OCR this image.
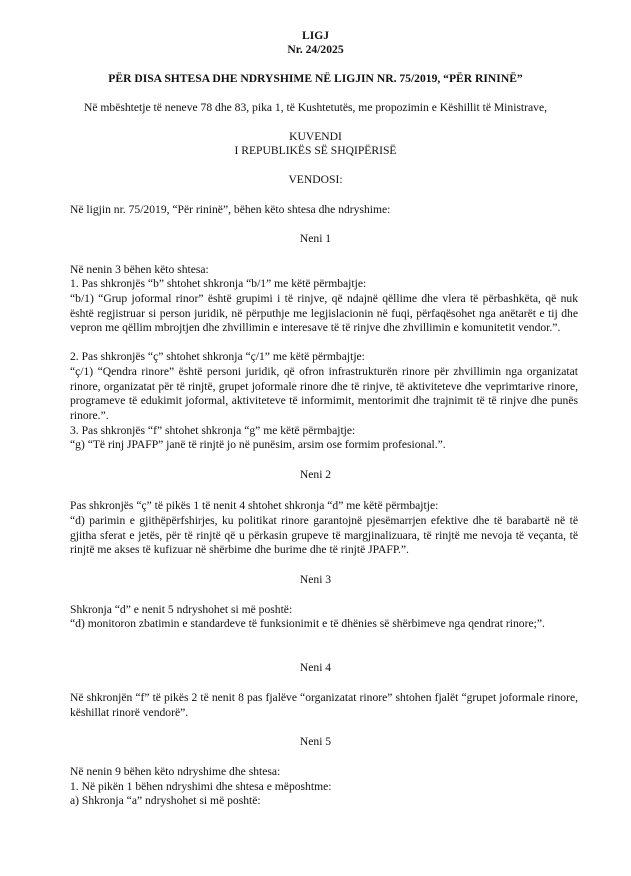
LIGJ
Nr. 24/2025
PËR DISA SHTESA DHE NDRYSHIME NË LIGJIN NR. 75/2019, “PËR RININË”
Në mbështetje të neneve 78 dhe 83, pika 1, të Kushtetutës, me propozimin e Këshillit të Ministrave,
KUVENDI
I REPUBLIKËS SË SHQIPËRISË
VENDOSI:
Në ligjin nr. 75/2019, “Për rininë”, bëhen këto shtesa dhe ndryshime:
Neni 1
Në nenin 3 bëhen këto shtesa:
1. Pas shkronjës “b” shtohet shkronja “b/1” me këtë përmbajtje:
“b/1) “Grup joformal rinor” është grupimi i të rinjve, që ndajnë qëllime dhe vlera të përbashkëta, që nuk është regjistruar si person juridik, në përputhje me legjislacionin në fuqi, përfaqësohet nga anëtarët e tij dhe vepron me qëllim mbrojtjen dhe zhvillimin e interesave të të rinjve dhe zhvillimin e komunitetit vendor.”.
2. Pas shkronjës “ç” shtohet shkronja “ç/1” me këtë përmbajtje:
“ç/1) “Qendra rinore” është personi juridik, që ofron infrastrukturën rinore për zhvillimin nga organizatat rinore, organizatat për të rinjtë, grupet joformale rinore dhe të rinjve, të aktiviteteve dhe veprimtarive rinore, programeve të edukimit joformal, aktiviteteve të informimit, mentorimit dhe trajnimit të të rinjve dhe punës rinore.”.
3. Pas shkronjës “f” shtohet shkronja “g” me këtë përmbajtje:
“g) “Të rinj JPAFP” janë të rinjtë jo në punësim, arsim ose formim profesional.”.
Neni 2
Pas shkronjës “ç” të pikës 1 të nenit 4 shtohet shkronja “d” me këtë përmbajtje:
“d) parimin e gjithëpërfshirjes, ku politikat rinore garantojnë pjesëmarrjen efektive dhe të barabartë në të gjitha sferat e jetës, për të rinjtë që u përkasin grupeve të margjinalizuara, të rinjtë me nevoja të veçanta, të rinjtë me akses të kufizuar në shërbime dhe burime dhe të rinjtë JPAFP.”.
Neni 3
Shkronja “d” e nenit 5 ndryshohet si më poshtë:
“d) monitoron zbatimin e standardeve të funksionimit e të dhënies së shërbimeve nga qendrat rinore;”.
Neni 4
Në shkronjën “f” të pikës 2 të nenit 8 pas fjalëve “organizatat rinore” shtohen fjalët “grupet joformale rinore, këshillat rinorë vendorë”.
Neni 5
Në nenin 9 bëhen këto ndryshime dhe shtesa:
1. Në pikën 1 bëhen ndryshimi dhe shtesa e mëposhtme:
a) Shkronja “a” ndryshohet si më poshtë:
